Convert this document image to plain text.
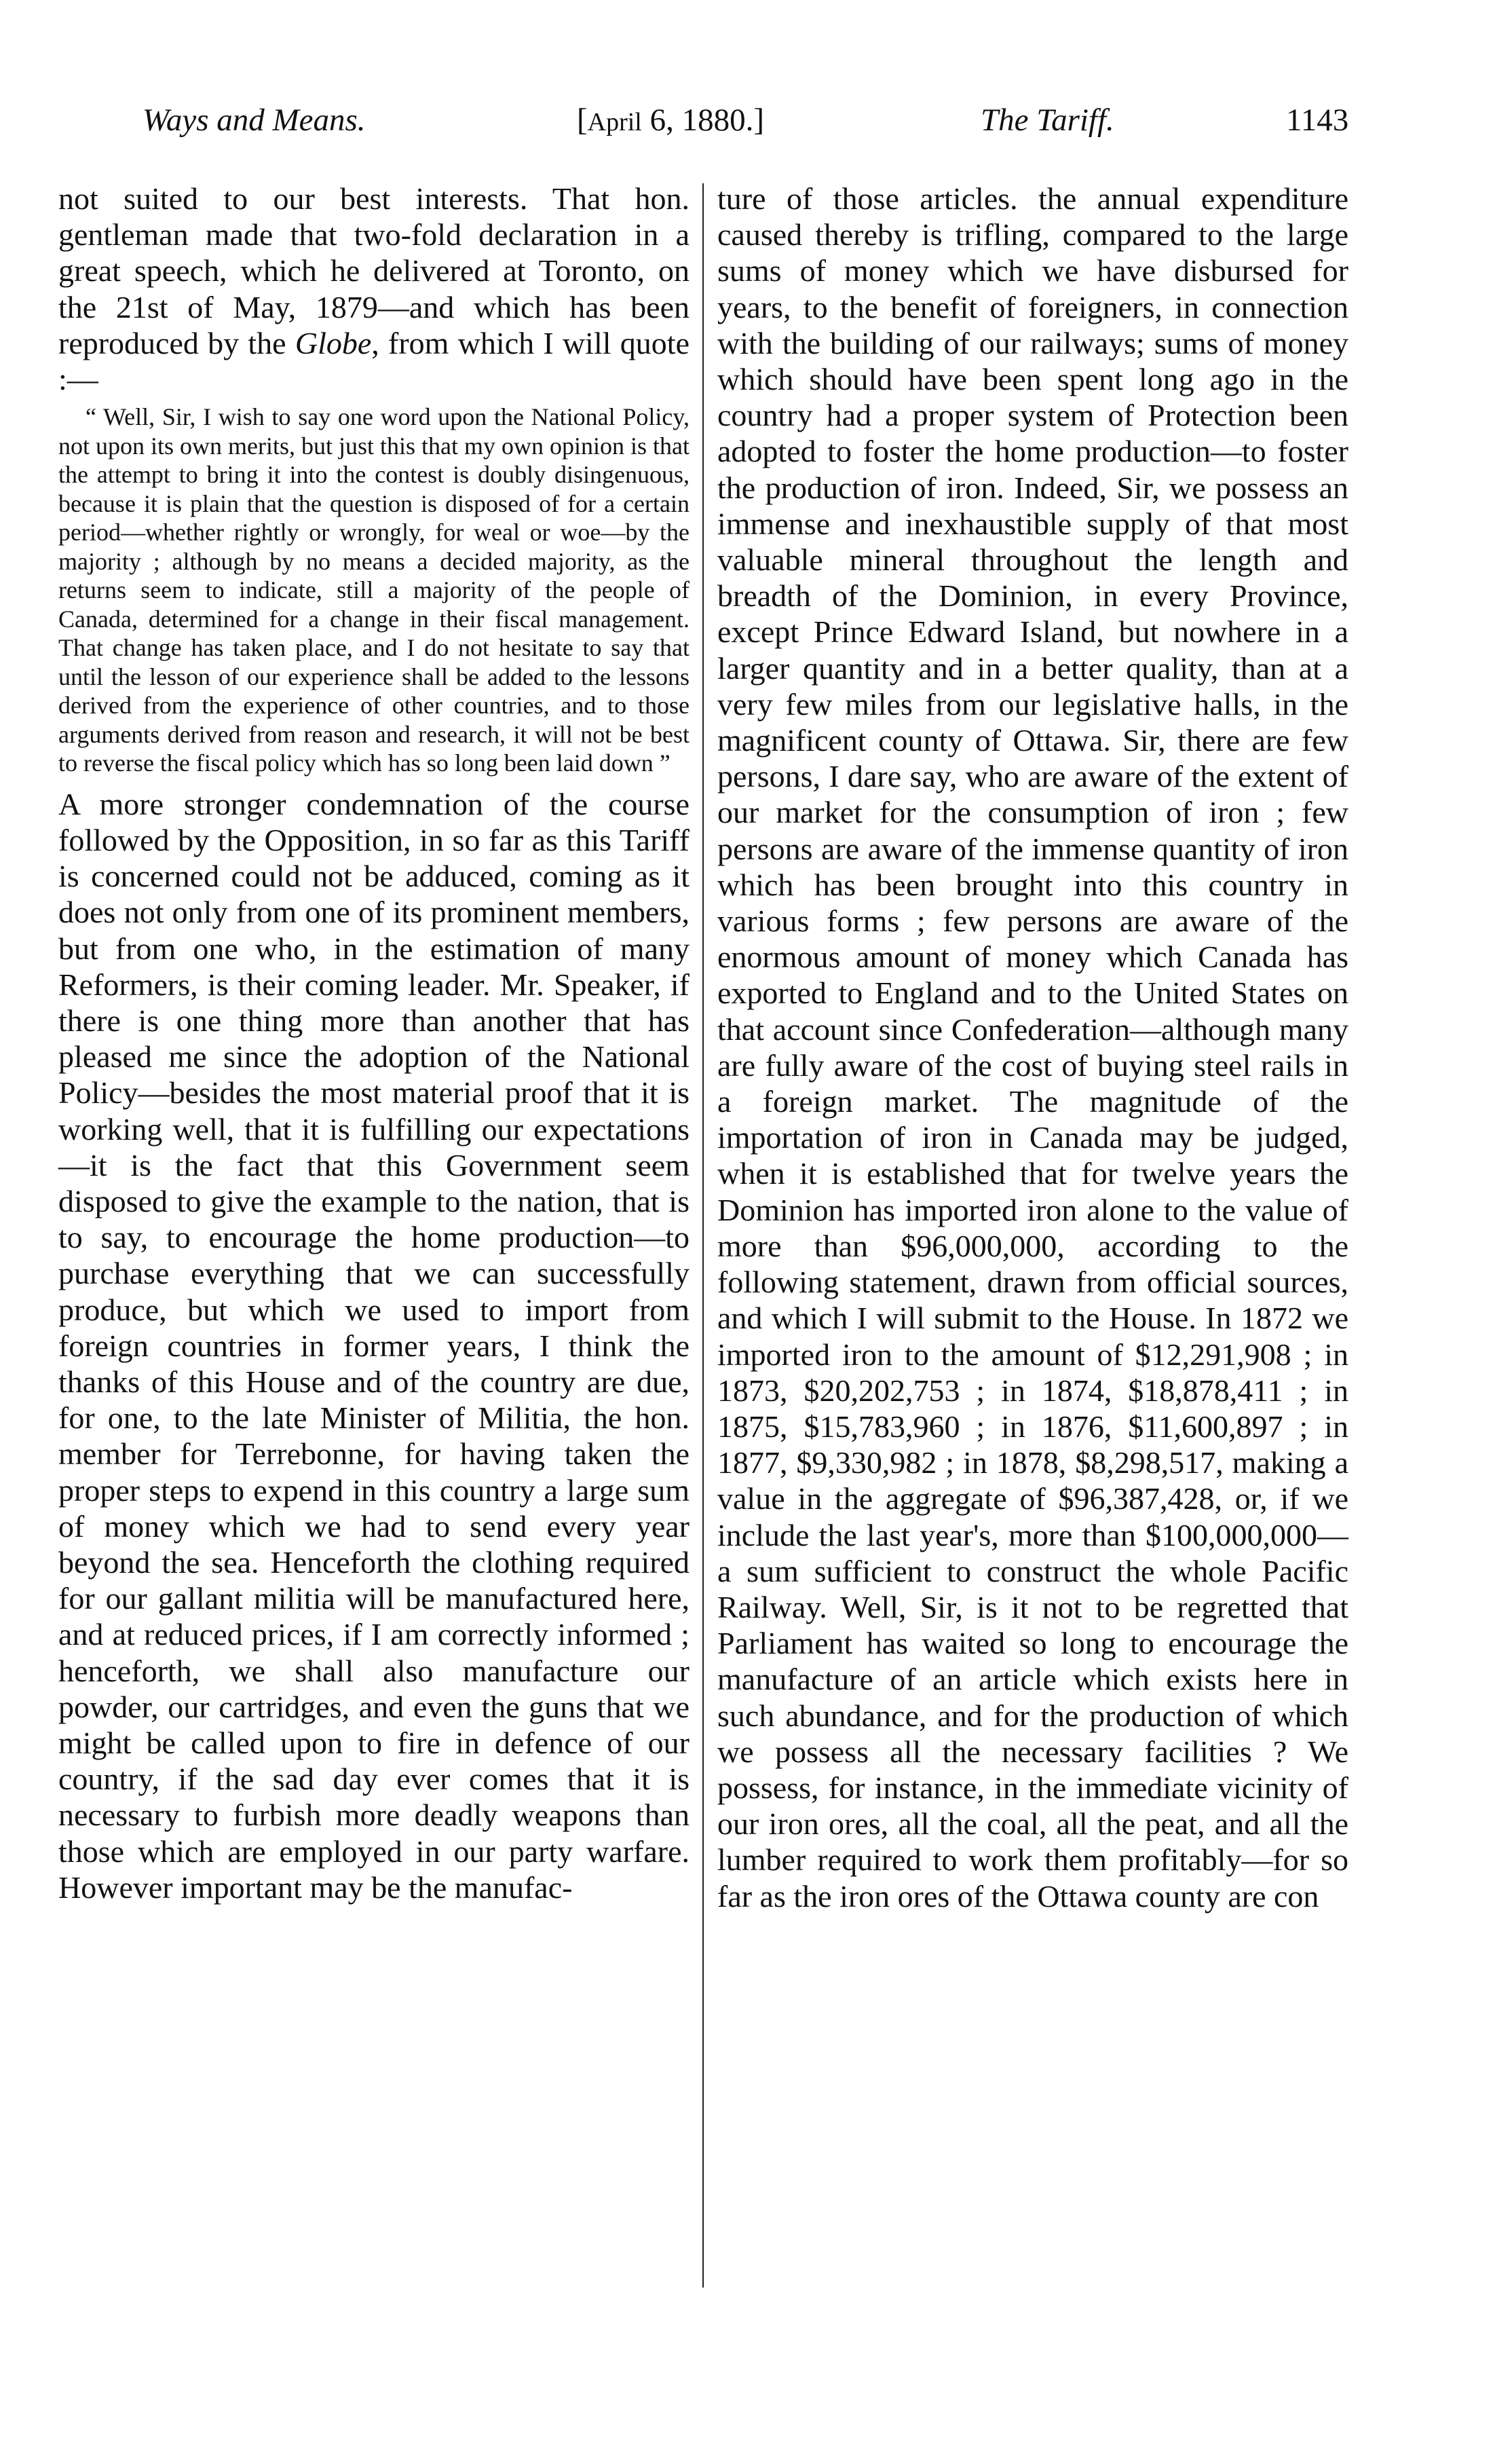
Ways and Means.	[April 6, 1880.]	The Tariff.	1143

not suited to our best interests. That hon. gentleman made that two-fold declaration in a great speech, which he delivered at Toronto, on the 21st of May, 1879—and which has been reproduced by the Globe, from which I will quote :—

“ Well, Sir, I wish to say one word upon the National Policy, not upon its own merits, but just this that my own opinion is that the attempt to bring it into the contest is doubly disingenuous, because it is plain that the question is disposed of for a certain period—whether rightly or wrongly, for weal or woe—by the majority ; although by no means a decided majority, as the returns seem to indicate, still a majority of the people of Canada, determined for a change in their fiscal management. That change has taken place, and I do not hesitate to say that until the lesson of our experience shall be added to the lessons derived from the experience of other countries, and to those arguments derived from reason and research, it will not be best to reverse the fiscal policy which has so long been laid down ”

A more stronger condemnation of the course followed by the Opposition, in so far as this Tariff is concerned could not be adduced, coming as it does not only from one of its prominent members, but from one who, in the estimation of many Reformers, is their coming leader. Mr. Speaker, if there is one thing more than another that has pleased me since the adoption of the National Policy—besides the most material proof that it is working well, that it is fulfilling our expectations—it is the fact that this Government seem disposed to give the example to the nation, that is to say, to encourage the home production—to purchase everything that we can successfully produce, but which we used to import from foreign countries in former years, I think the thanks of this House and of the country are due, for one, to the late Minister of Militia, the hon. member for Terrebonne, for having taken the proper steps to expend in this country a large sum of money which we had to send every year beyond the sea. Henceforth the clothing required for our gallant militia will be manufactured here, and at reduced prices, if I am correctly informed ; henceforth, we shall also manufacture our powder, our cartridges, and even the guns that we might be called upon to fire in defence of our country, if the sad day ever comes that it is necessary to furbish more deadly weapons than those which are employed in our party warfare. However important may be the manufac-

ture of those articles. the annual expenditure caused thereby is trifling, compared to the large sums of money which we have disbursed for years, to the benefit of foreigners, in connection with the building of our railways; sums of money which should have been spent long ago in the country had a proper system of Protection been adopted to foster the home production—to foster the production of iron. Indeed, Sir, we possess an immense and inexhaustible supply of that most valuable mineral throughout the length and breadth of the Dominion, in every Province, except Prince Edward Island, but nowhere in a larger quantity and in a better quality, than at a very few miles from our legislative halls, in the magnificent county of Ottawa. Sir, there are few persons, I dare say, who are aware of the extent of our market for the consumption of iron ; few persons are aware of the immense quantity of iron which has been brought into this country in various forms ; few persons are aware of the enormous amount of money which Canada has exported to England and to the United States on that account since Confederation—although many are fully aware of the cost of buying steel rails in a foreign market. The magnitude of the importation of iron in Canada may be judged, when it is established that for twelve years the Dominion has imported iron alone to the value of more than $96,000,000, according to the following statement, drawn from official sources, and which I will submit to the House. In 1872 we imported iron to the amount of $12,291,908 ; in 1873, $20,202,753 ; in 1874, $18,878,411 ; in 1875, $15,783,960 ; in 1876, $11,600,897 ; in 1877, $9,330,982 ; in 1878, $8,298,517, making a value in the aggregate of $96,387,428, or, if we include the last year's, more than $100,000,000—a sum sufficient to construct the whole Pacific Railway. Well, Sir, is it not to be regretted that Parliament has waited so long to encourage the manufacture of an article which exists here in such abundance, and for the production of which we possess all the necessary facilities ? We possess, for instance, in the immediate vicinity of our iron ores, all the coal, all the peat, and all the lumber required to work them profitably—for so far as the iron ores of the Ottawa county are con
